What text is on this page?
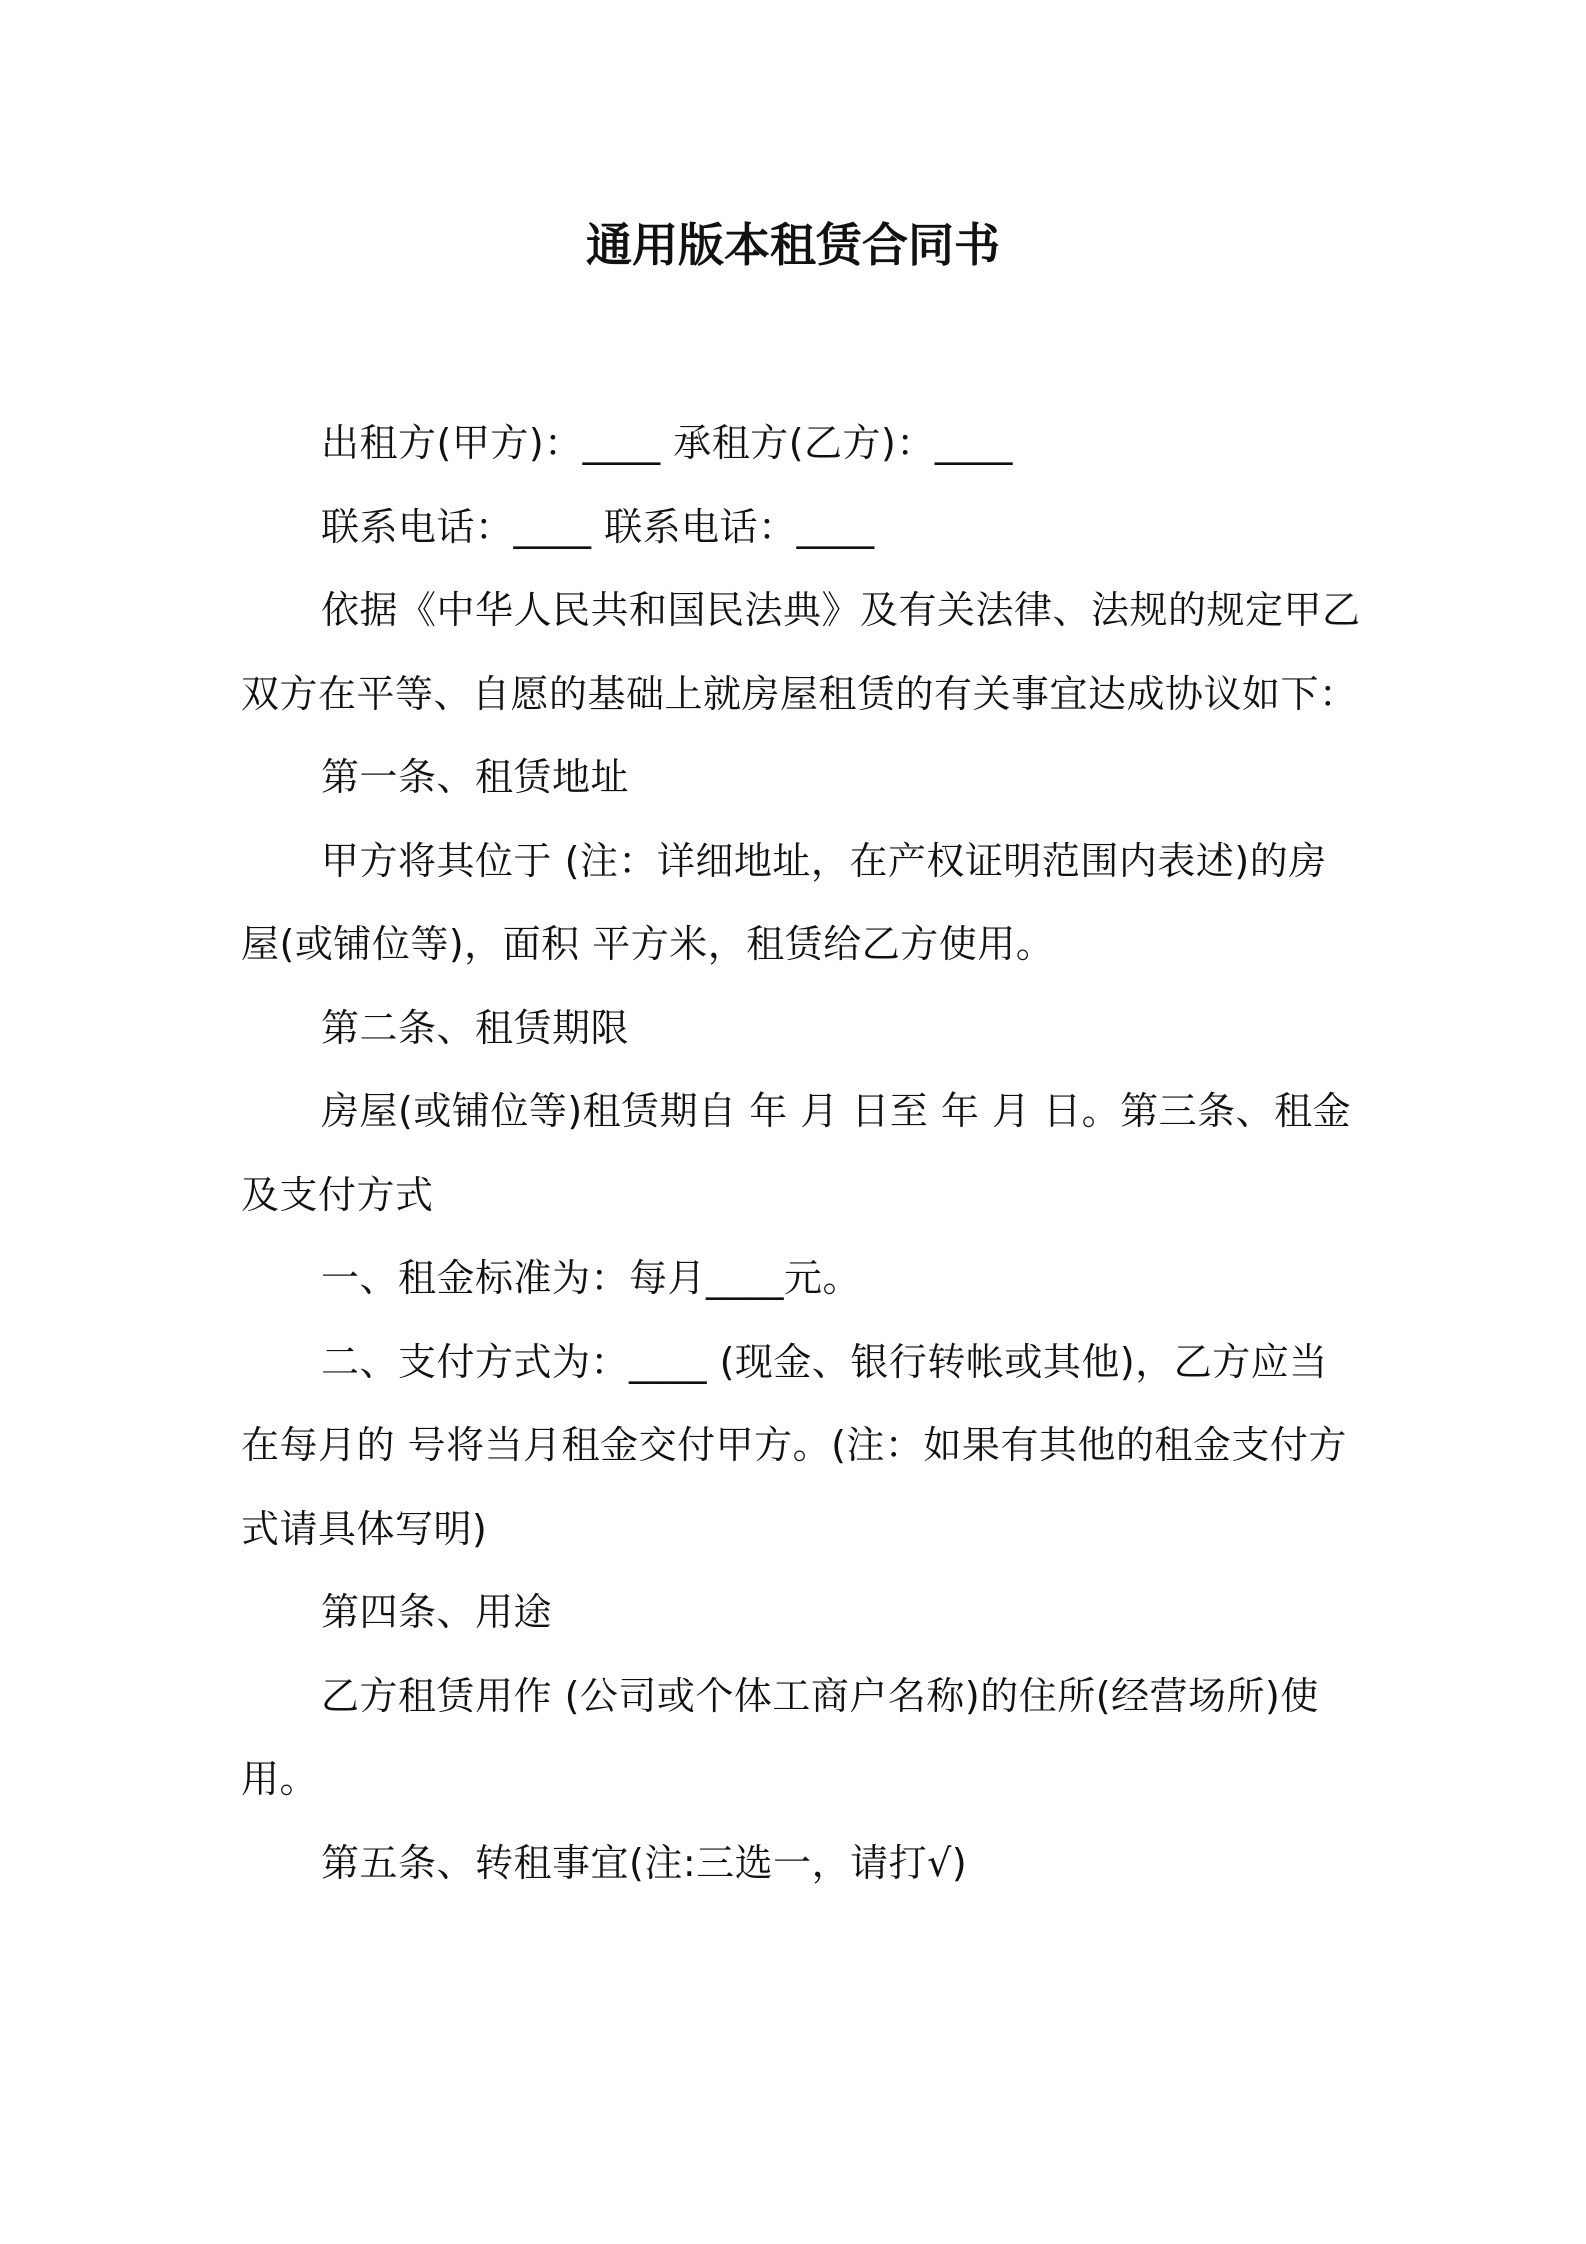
通用版本租赁合同书

出租方(甲方)：____ 承租方(乙方)：____

联系电话：____ 联系电话：____

依据《中华人民共和国民法典》及有关法律、法规的规定甲乙双方在平等、自愿的基础上就房屋租赁的有关事宜达成协议如下：

第一条、租赁地址

甲方将其位于 (注：详细地址，在产权证明范围内表述)的房屋(或铺位等)，面积 平方米，租赁给乙方使用。

第二条、租赁期限

房屋(或铺位等)租赁期自 年 月 日至 年 月 日。第三条、租金及支付方式

一、租金标准为：每月____元。

二、支付方式为：____ (现金、银行转帐或其他)，乙方应当在每月的 号将当月租金交付甲方。(注：如果有其他的租金支付方式请具体写明)

第四条、用途

乙方租赁用作 (公司或个体工商户名称)的住所(经营场所)使用。

第五条、转租事宜(注:三选一，请打√)
